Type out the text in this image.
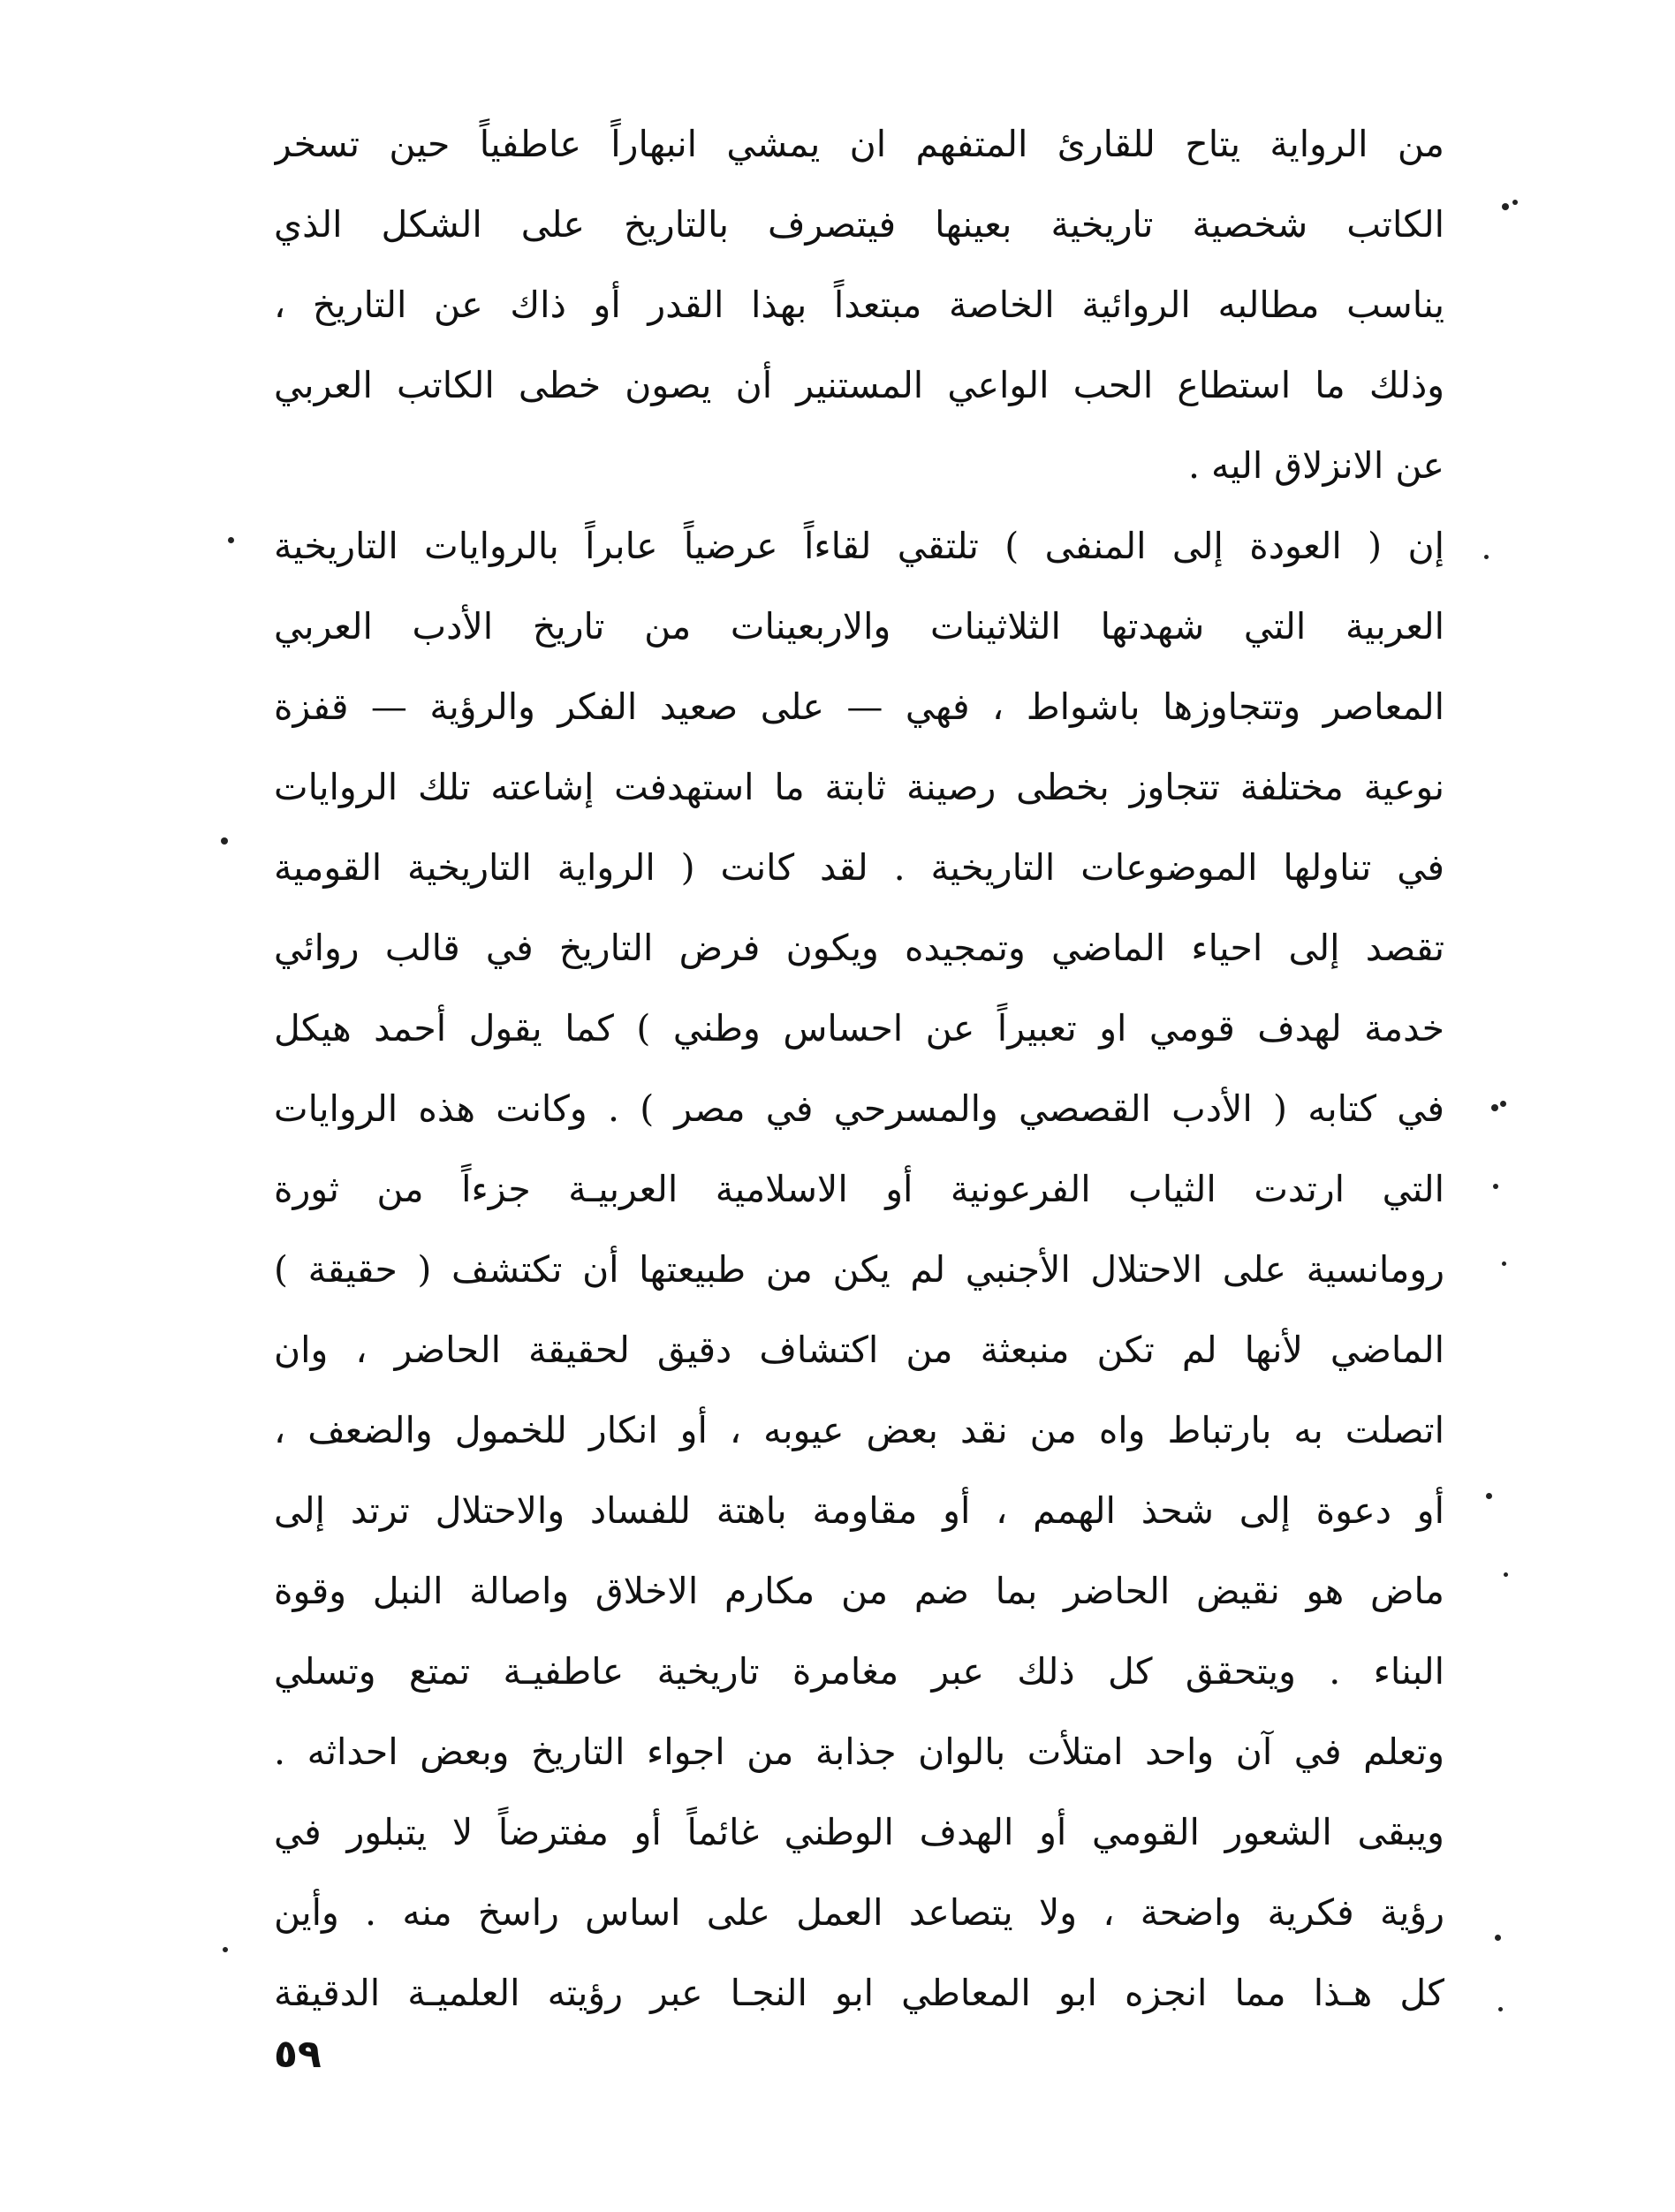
من الرواية يتاح للقارئ المتفهم ان يمشي انبهاراً عاطفياً حين تسخر
الكاتب شخصية تاريخية بعينها فيتصرف بالتاريخ على الشكل الذي
يناسب مطالبه الروائية الخاصة مبتعداً بهذا القدر أو ذاك عن التاريخ ،
وذلك ما استطاع الحب الواعي المستنير أن يصون خطى الكاتب العربي
عن الانزلاق اليه .
إن ( العودة إلى المنفى ) تلتقي لقاءاً عرضياً عابراً بالروايات التاريخية
العربية التي شهدتها الثلاثينات والاربعينات من تاريخ الأدب العربي
المعاصر وتتجاوزها باشواط ، فهي — على صعيد الفكر والرؤية — قفزة
نوعية مختلفة تتجاوز بخطى رصينة ثابتة ما استهدفت إشاعته تلك الروايات
في تناولها الموضوعات التاريخية . لقد كانت ( الرواية التاريخية القومية
تقصد إلى احياء الماضي وتمجيده ويكون فرض التاريخ في قالب روائي
خدمة لهدف قومي او تعبيراً عن احساس وطني ) كما يقول أحمد هيكل
في كتابه ( الأدب القصصي والمسرحي في مصر ) . وكانت هذه الروايات
التي ارتدت الثياب الفرعونية أو الاسلامية العربيـة جزءاً من ثورة
رومانسية على الاحتلال الأجنبي لم يكن من طبيعتها أن تكتشف ( حقيقة )
الماضي لأنها لم تكن منبعثة من اكتشاف دقيق لحقيقة الحاضر ، وان
اتصلت به بارتباط واه من نقد بعض عيوبه ، أو انكار للخمول والضعف ،
أو دعوة إلى شحذ الهمم ، أو مقاومة باهتة للفساد والاحتلال ترتد إلى
ماض هو نقيض الحاضر بما ضم من مكارم الاخلاق واصالة النبل وقوة
البناء . ويتحقق كل ذلك عبر مغامرة تاريخية عاطفيـة تمتع وتسلي
وتعلم في آن واحد امتلأت بالوان جذابة من اجواء التاريخ وبعض احداثه .
ويبقى الشعور القومي أو الهدف الوطني غائماً أو مفترضاً لا يتبلور في
رؤية فكرية واضحة ، ولا يتصاعد العمل على اساس راسخ منه . وأين
كل هـذا مما انجزه ابو المعاطي ابو النجـا عبر رؤيته العلميـة الدقيقة
٥٩
